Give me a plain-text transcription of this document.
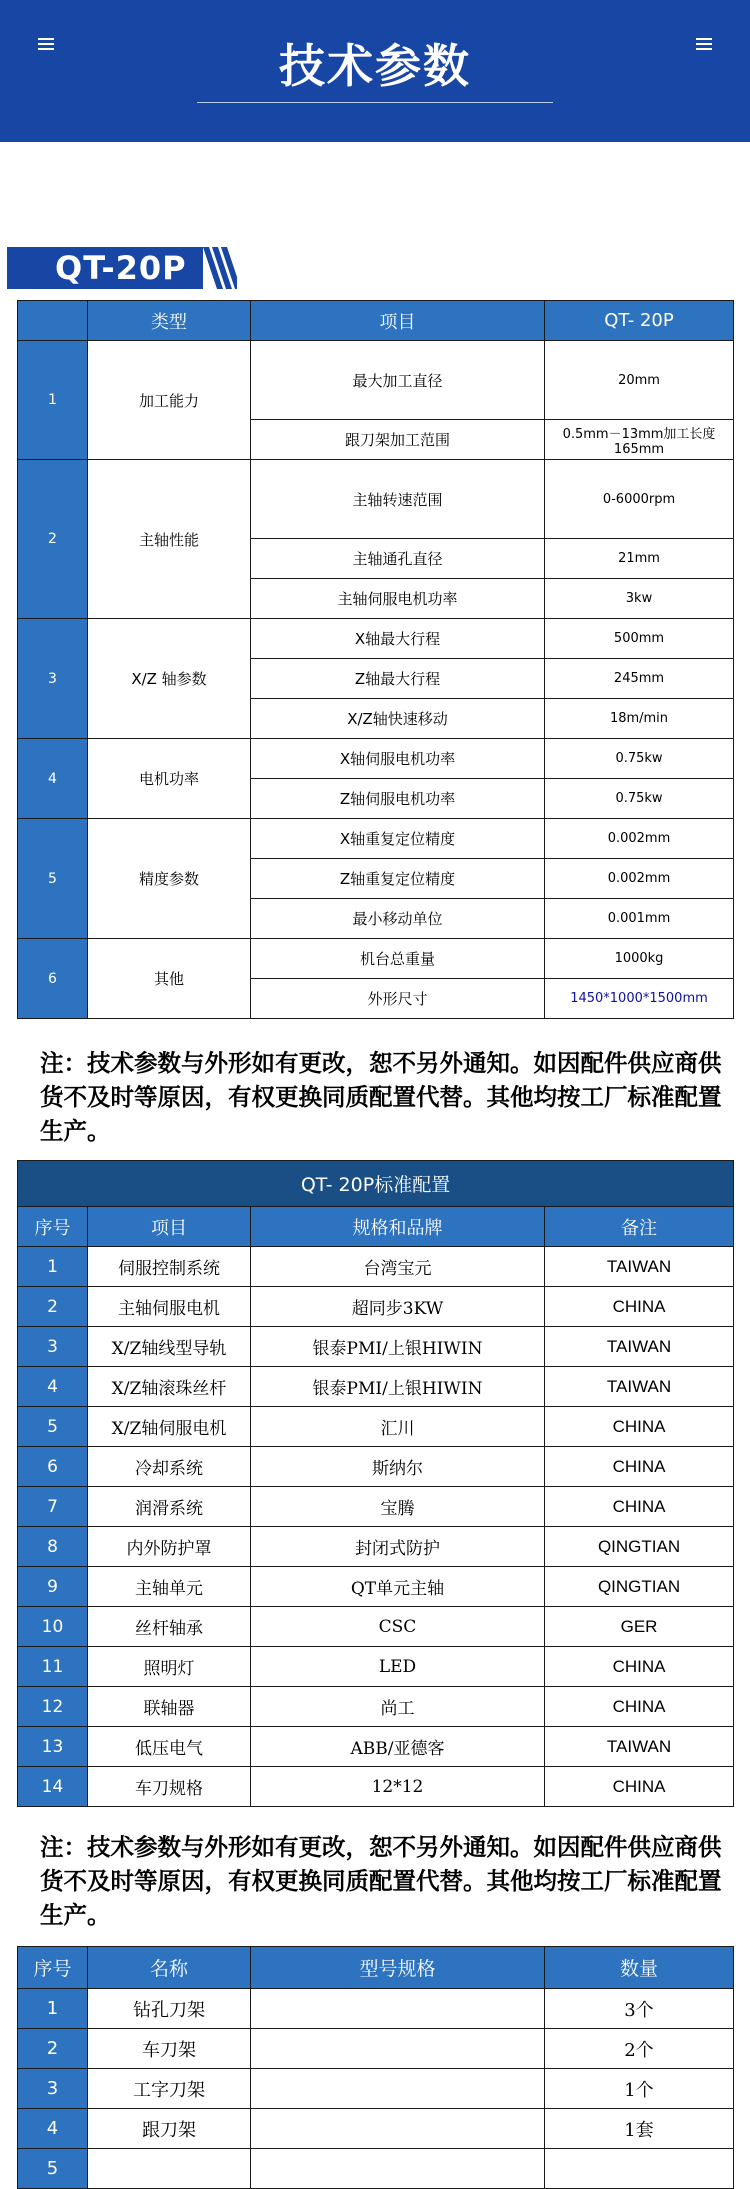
技术参数
QT-20P
	类型	项目	QT- 20P
1	加工能力	最大加工直径	20mm
		跟刀架加工范围	0.5mm－13mm加工长度165mm
2	主轴性能	主轴转速范围	0-6000rpm
		主轴通孔直径	21mm
		主轴伺服电机功率	3kw
3	X/Z 轴参数	X轴最大行程	500mm
		Z轴最大行程	245mm
		X/Z轴快速移动	18m/min
4	电机功率	X轴伺服电机功率	0.75kw
		Z轴伺服电机功率	0.75kw
5	精度参数	X轴重复定位精度	0.002mm
		Z轴重复定位精度	0.002mm
		最小移动单位	0.001mm
6	其他	机台总重量	1000kg
		外形尺寸	1450*1000*1500mm
注：技术参数与外形如有更改，恕不另外通知。如因配件供应商供货不及时等原因，有权更换同质配置代替。其他均按工厂标准配置生产。
QT- 20P标准配置			
序号	项目	规格和品牌	备注
1	伺服控制系统	台湾宝元	TAIWAN
2	主轴伺服电机	超同步3KW	CHINA
3	X/Z轴线型导轨	银泰PMI/上银HIWIN	TAIWAN
4	X/Z轴滚珠丝杆	银泰PMI/上银HIWIN	TAIWAN
5	X/Z轴伺服电机	汇川	CHINA
6	冷却系统	斯纳尔	CHINA
7	润滑系统	宝腾	CHINA
8	内外防护罩	封闭式防护	QINGTIAN
9	主轴单元	QT单元主轴	QINGTIAN
10	丝杆轴承	CSC	GER
11	照明灯	LED	CHINA
12	联轴器	尚工	CHINA
13	低压电气	ABB/亚德客	TAIWAN
14	车刀规格	12*12	CHINA
注：技术参数与外形如有更改，恕不另外通知。如因配件供应商供货不及时等原因，有权更换同质配置代替。其他均按工厂标准配置生产。
序号	名称	型号规格	数量
1	钻孔刀架		3个
2	车刀架		2个
3	工字刀架		1个
4	跟刀架		1套
5			
